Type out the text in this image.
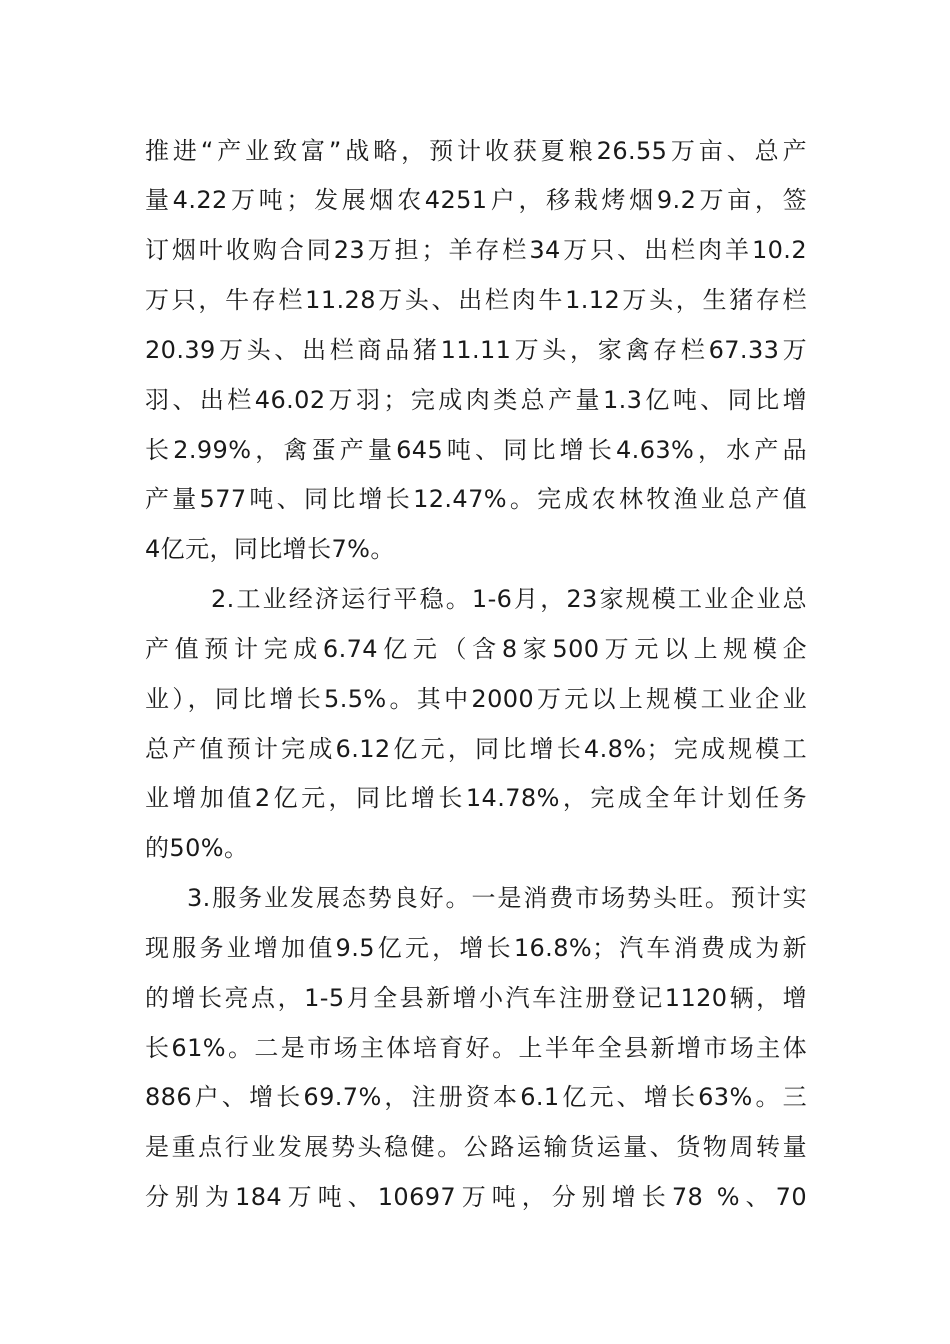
推进“产业致富”战略，预计收获夏粮26.55万亩、总产
量4.22万吨；发展烟农4251户，移栽烤烟9.2万亩，签
订烟叶收购合同23万担；羊存栏34万只、出栏肉羊10.2
万只，牛存栏11.28万头、出栏肉牛1.12万头，生猪存栏
20.39万头、出栏商品猪11.11万头，家禽存栏67.33万
羽、出栏46.02万羽；完成肉类总产量1.3亿吨、同比增
长2.99%，禽蛋产量645吨、同比增长4.63%，水产品
产量577吨、同比增长12.47%。完成农林牧渔业总产值
4亿元，同比增长7%。
2.工业经济运行平稳。1-6月，23家规模工业企业总
产值预计完成6.74亿元（含8家500万元以上规模企
业），同比增长5.5%。其中2000万元以上规模工业企业
总产值预计完成6.12亿元，同比增长4.8%；完成规模工
业增加值2亿元，同比增长14.78%，完成全年计划任务
的50%。
3.服务业发展态势良好。一是消费市场势头旺。预计实
现服务业增加值9.5亿元，增长16.8%；汽车消费成为新
的增长亮点，1-5月全县新增小汽车注册登记1120辆，增
长61%。二是市场主体培育好。上半年全县新增市场主体
886户、增长69.7%，注册资本6.1亿元、增长63%。三
是重点行业发展势头稳健。公路运输货运量、货物周转量
分别为184万吨、10697万吨，分别增长78 %、70
